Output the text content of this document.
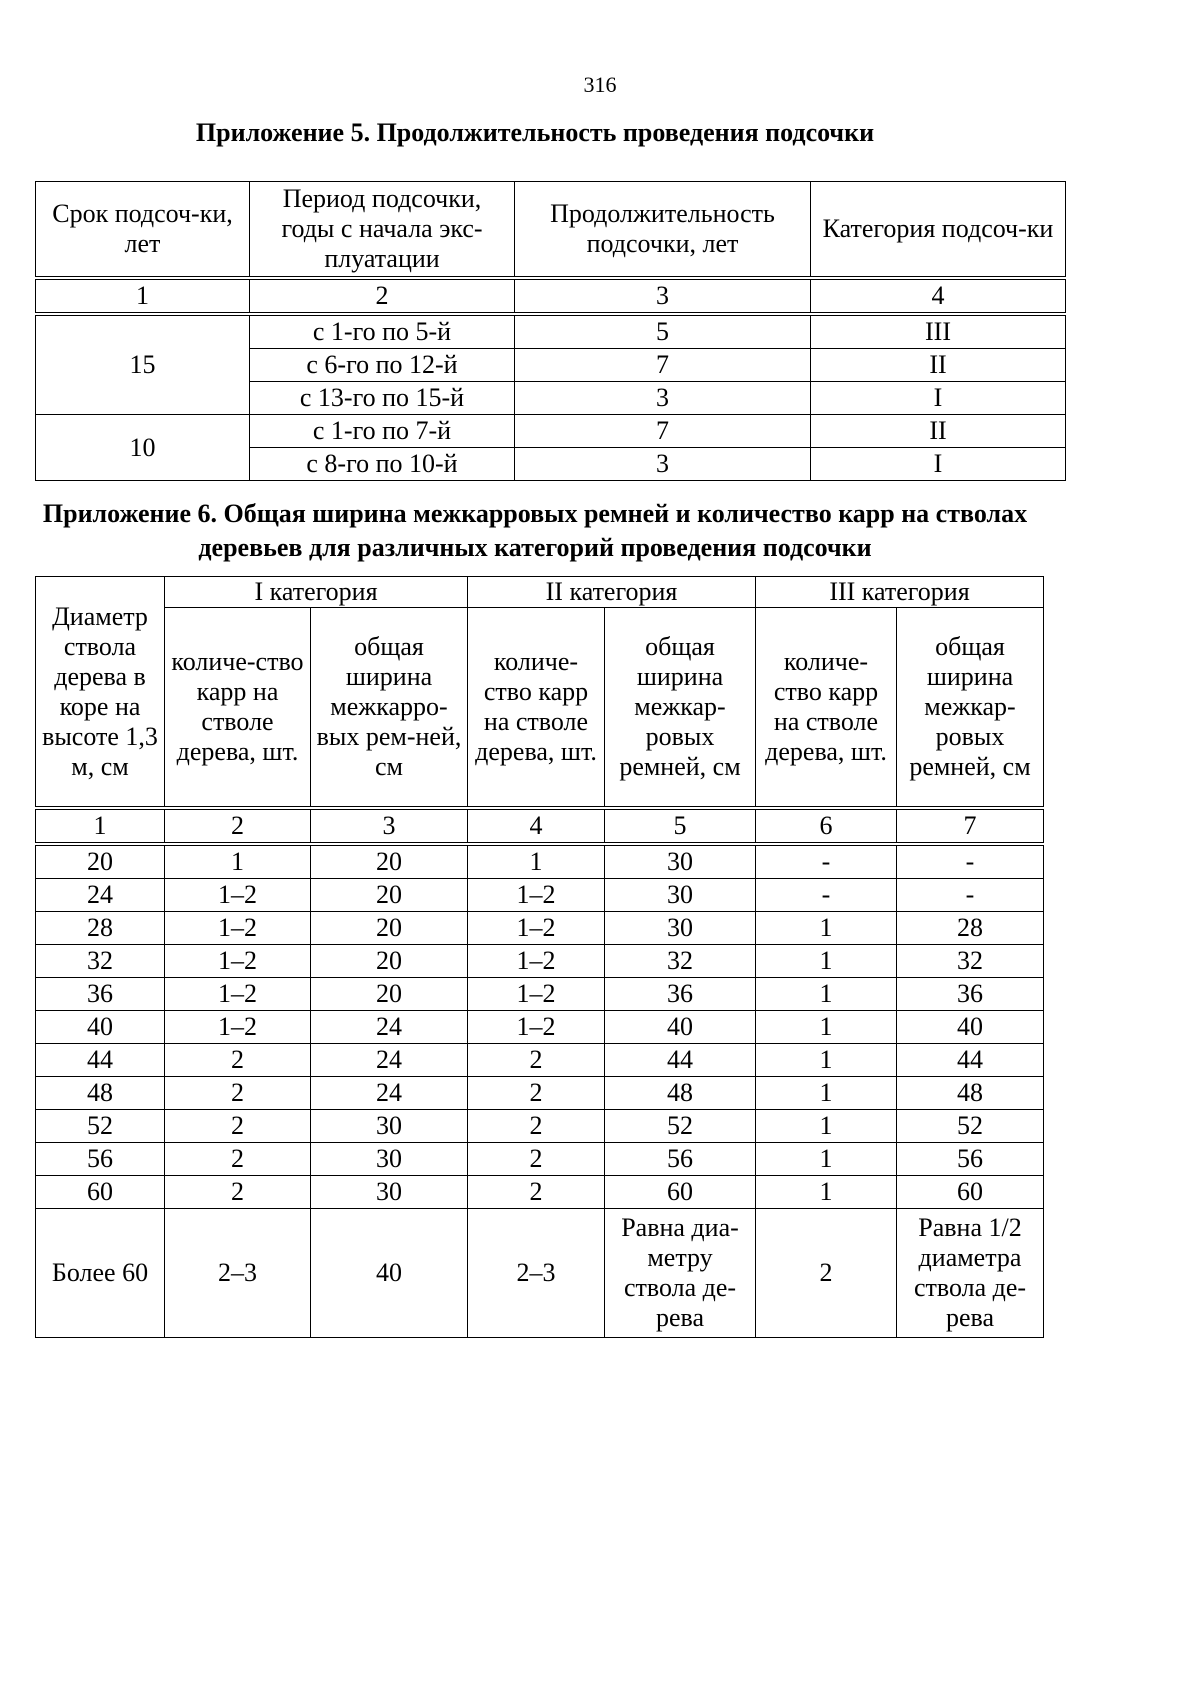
316
Приложение 5. Продолжительность проведения подсочки
Срок подсоч-ки, лет	Период подсочки, годы с начала экс-плуатации	Продолжительность подсочки, лет	Категория подсоч-ки
1	2	3	4
15	с 1-го по 5-й	5	III
	с 6-го по 12-й	7	II
	с 13-го по 15-й	3	I
10	с 1-го по 7-й	7	II
	с 8-го по 10-й	3	I
Приложение 6. Общая ширина межкарровых ремней и количество карр на стволах деревьев для различных категорий проведения подсочки
Диаметр ствола дерева в коре на высоте 1,3 м, см	I категория		II категория		III категория	
	количе-ство карр на стволе дерева, шт.	общая ширина межкарро-вых рем-ней, см	количе-ство карр на стволе дерева, шт.	общая ширина межкар-ровых ремней, см	количе-ство карр на стволе дерева, шт.	общая ширина межкар-ровых ремней, см
1	2	3	4	5	6	7
20	1	20	1	30	-	-
24	1–2	20	1–2	30	-	-
28	1–2	20	1–2	30	1	28
32	1–2	20	1–2	32	1	32
36	1–2	20	1–2	36	1	36
40	1–2	24	1–2	40	1	40
44	2	24	2	44	1	44
48	2	24	2	48	1	48
52	2	30	2	52	1	52
56	2	30	2	56	1	56
60	2	30	2	60	1	60
Более 60	2–3	40	2–3	Равна диа-метру ствола де-рева	2	Равна 1/2 диаметра ствола де-рева
